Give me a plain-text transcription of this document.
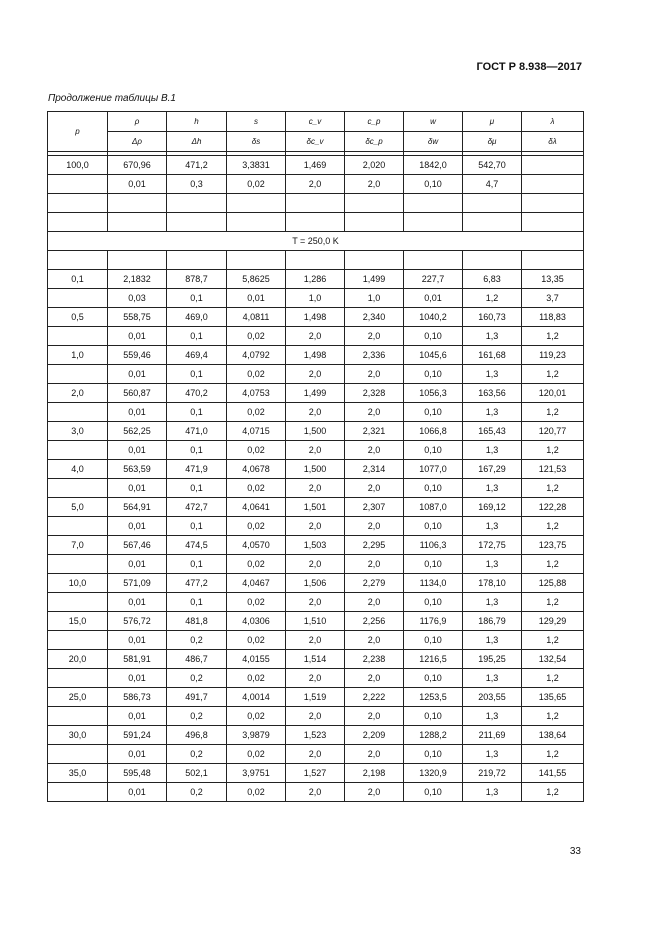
ГОСТ Р 8.938—2017
Продолжение таблицы В.1
p	ρ	h	s	c_v	c_p	w	μ	λ
	Δρ	Δh	δs	δc_v	δc_p	δw	δμ	δλ

100,0	670,96	471,2	3,3831	1,469	2,020	1842,0	542,70	
	0,01	0,3	0,02	2,0	2,0	0,10	4,7	

T = 250,0 K								

0,1	2,1832	878,7	5,8625	1,286	1,499	227,7	6,83	13,35
	0,03	0,1	0,01	1,0	1,0	0,01	1,2	3,7
0,5	558,75	469,0	4,0811	1,498	2,340	1040,2	160,73	118,83
	0,01	0,1	0,02	2,0	2,0	0,10	1,3	1,2
1,0	559,46	469,4	4,0792	1,498	2,336	1045,6	161,68	119,23
	0,01	0,1	0,02	2,0	2,0	0,10	1,3	1,2
2,0	560,87	470,2	4,0753	1,499	2,328	1056,3	163,56	120,01
	0,01	0,1	0,02	2,0	2,0	0,10	1,3	1,2
3,0	562,25	471,0	4,0715	1,500	2,321	1066,8	165,43	120,77
	0,01	0,1	0,02	2,0	2,0	0,10	1,3	1,2
4,0	563,59	471,9	4,0678	1,500	2,314	1077,0	167,29	121,53
	0,01	0,1	0,02	2,0	2,0	0,10	1,3	1,2
5,0	564,91	472,7	4,0641	1,501	2,307	1087,0	169,12	122,28
	0,01	0,1	0,02	2,0	2,0	0,10	1,3	1,2
7,0	567,46	474,5	4,0570	1,503	2,295	1106,3	172,75	123,75
	0,01	0,1	0,02	2,0	2,0	0,10	1,3	1,2
10,0	571,09	477,2	4,0467	1,506	2,279	1134,0	178,10	125,88
	0,01	0,1	0,02	2,0	2,0	0,10	1,3	1,2
15,0	576,72	481,8	4,0306	1,510	2,256	1176,9	186,79	129,29
	0,01	0,2	0,02	2,0	2,0	0,10	1,3	1,2
20,0	581,91	486,7	4,0155	1,514	2,238	1216,5	195,25	132,54
	0,01	0,2	0,02	2,0	2,0	0,10	1,3	1,2
25,0	586,73	491,7	4,0014	1,519	2,222	1253,5	203,55	135,65
	0,01	0,2	0,02	2,0	2,0	0,10	1,3	1,2
30,0	591,24	496,8	3,9879	1,523	2,209	1288,2	211,69	138,64
	0,01	0,2	0,02	2,0	2,0	0,10	1,3	1,2
35,0	595,48	502,1	3,9751	1,527	2,198	1320,9	219,72	141,55
	0,01	0,2	0,02	2,0	2,0	0,10	1,3	1,2
33
